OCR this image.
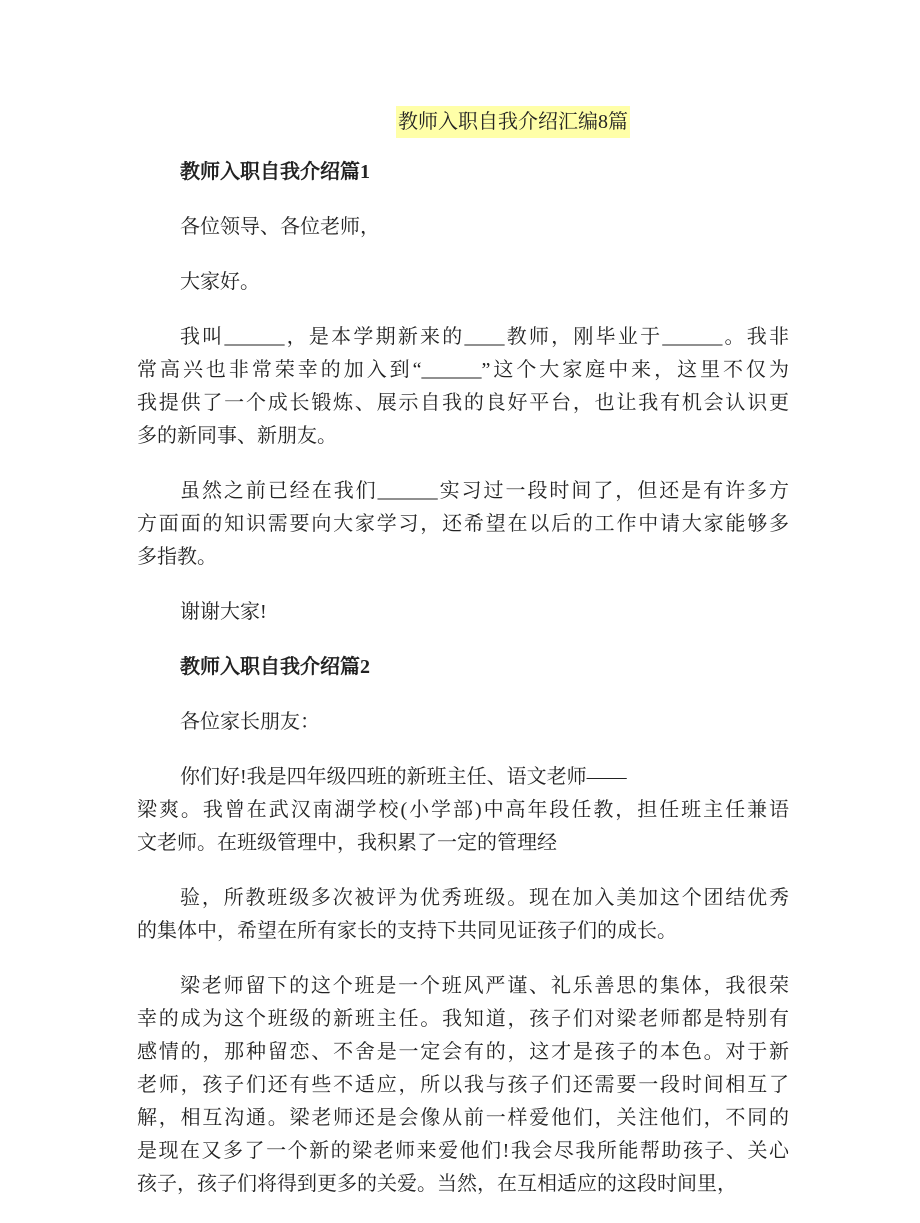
教师入职自我介绍汇编8篇
教师入职自我介绍篇1
各位领导、各位老师，
大家好。
我叫______，是本学期新来的____教师，刚毕业于______。我非
常高兴也非常荣幸的加入到“______”这个大家庭中来，这里不仅为
我提供了一个成长锻炼、展示自我的良好平台，也让我有机会认识更
多的新同事、新朋友。
虽然之前已经在我们______实习过一段时间了，但还是有许多方
方面面的知识需要向大家学习，还希望在以后的工作中请大家能够多
多指教。
谢谢大家!
教师入职自我介绍篇2
各位家长朋友：
你们好!我是四年级四班的新班主任、语文老师——
梁爽。我曾在武汉南湖学校(小学部)中高年段任教，担任班主任兼语
文老师。在班级管理中，我积累了一定的管理经
验，所教班级多次被评为优秀班级。现在加入美加这个团结优秀
的集体中，希望在所有家长的支持下共同见证孩子们的成长。
梁老师留下的这个班是一个班风严谨、礼乐善思的集体，我很荣
幸的成为这个班级的新班主任。我知道，孩子们对梁老师都是特别有
感情的，那种留恋、不舍是一定会有的，这才是孩子的本色。对于新
老师，孩子们还有些不适应，所以我与孩子们还需要一段时间相互了
解，相互沟通。梁老师还是会像从前一样爱他们，关注他们，不同的
是现在又多了一个新的梁老师来爱他们!我会尽我所能帮助孩子、关心
孩子，孩子们将得到更多的关爱。当然，在互相适应的这段时间里，
